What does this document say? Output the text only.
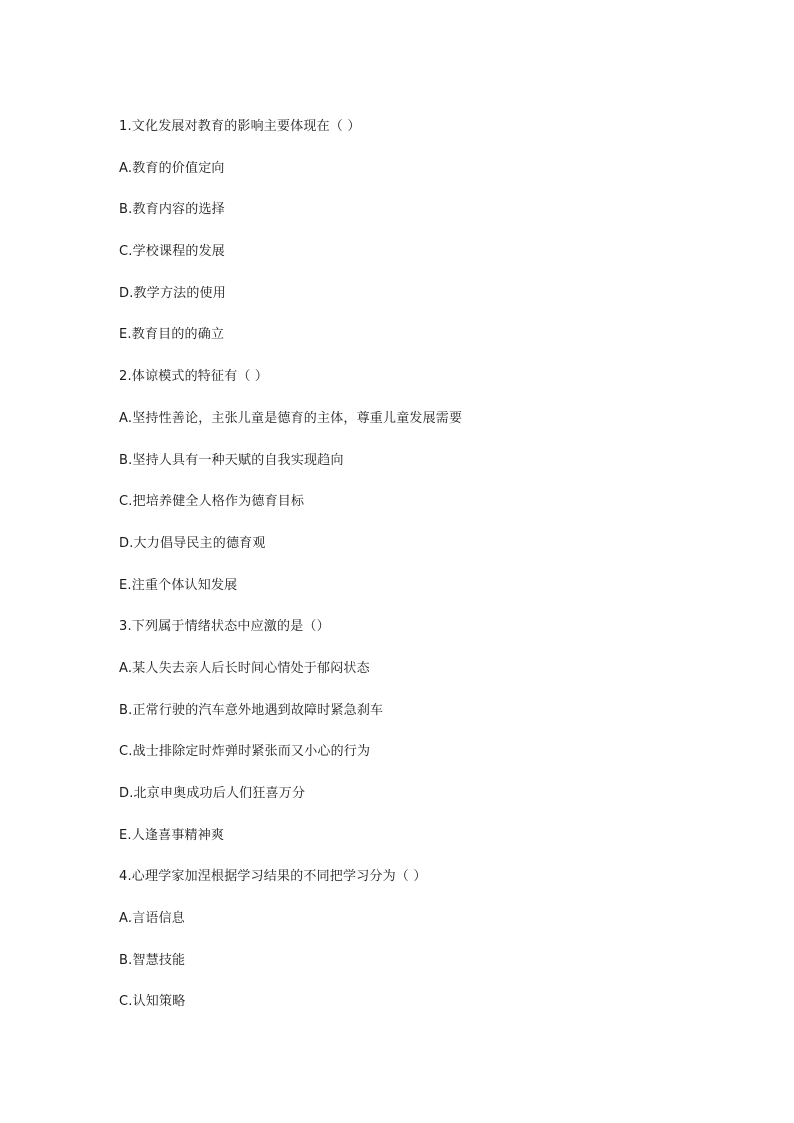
1.文化发展对教育的影响主要体现在（ ）
A.教育的价值定向
B.教育内容的选择
C.学校课程的发展
D.教学方法的使用
E.教育目的的确立
2.体谅模式的特征有（ ）
A.坚持性善论，主张儿童是德育的主体，尊重儿童发展需要
B.坚持人具有一种天赋的自我实现趋向
C.把培养健全人格作为德育目标
D.大力倡导民主的德育观
E.注重个体认知发展
3.下列属于情绪状态中应激的是（）
A.某人失去亲人后长时间心情处于郁闷状态
B.正常行驶的汽车意外地遇到故障时紧急刹车
C.战士排除定时炸弹时紧张而又小心的行为
D.北京申奥成功后人们狂喜万分
E.人逢喜事精神爽
4.心理学家加涅根据学习结果的不同把学习分为（ ）
A.言语信息
B.智慧技能
C.认知策略
